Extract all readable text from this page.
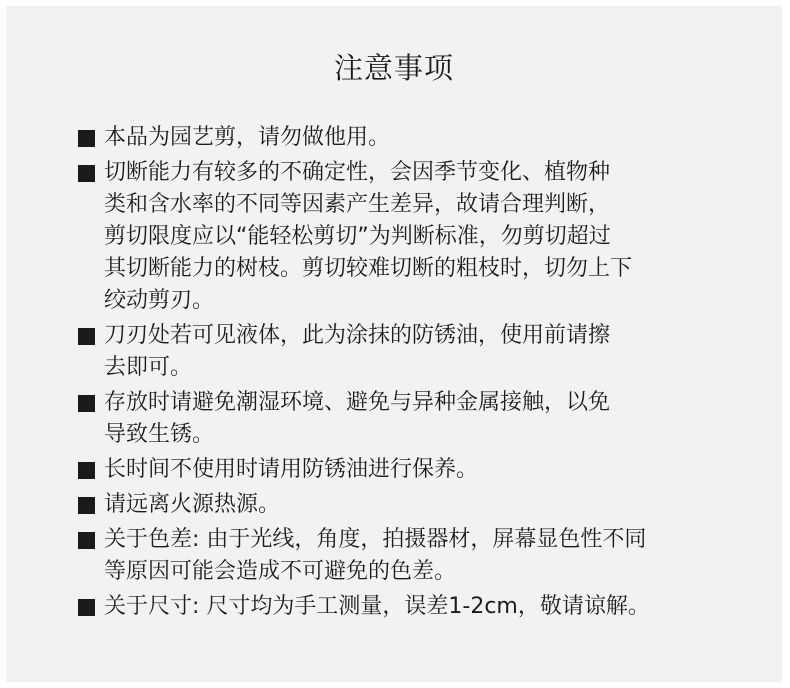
注意事项
本品为园艺剪，请勿做他用。
切断能力有较多的不确定性，会因季节变化、植物种
类和含水率的不同等因素产生差异，故请合理判断，
剪切限度应以“能轻松剪切”为判断标准，勿剪切超过
其切断能力的树枝。剪切较难切断的粗枝时，切勿上下
绞动剪刃。
刀刃处若可见液体，此为涂抹的防锈油，使用前请擦
去即可。
存放时请避免潮湿环境、避免与异种金属接触，以免
导致生锈。
长时间不使用时请用防锈油进行保养。
请远离火源热源。
关于色差: 由于光线，角度，拍摄器材，屏幕显色性不同
等原因可能会造成不可避免的色差。
关于尺寸: 尺寸均为手工测量，误差1-2cm，敬请谅解。
